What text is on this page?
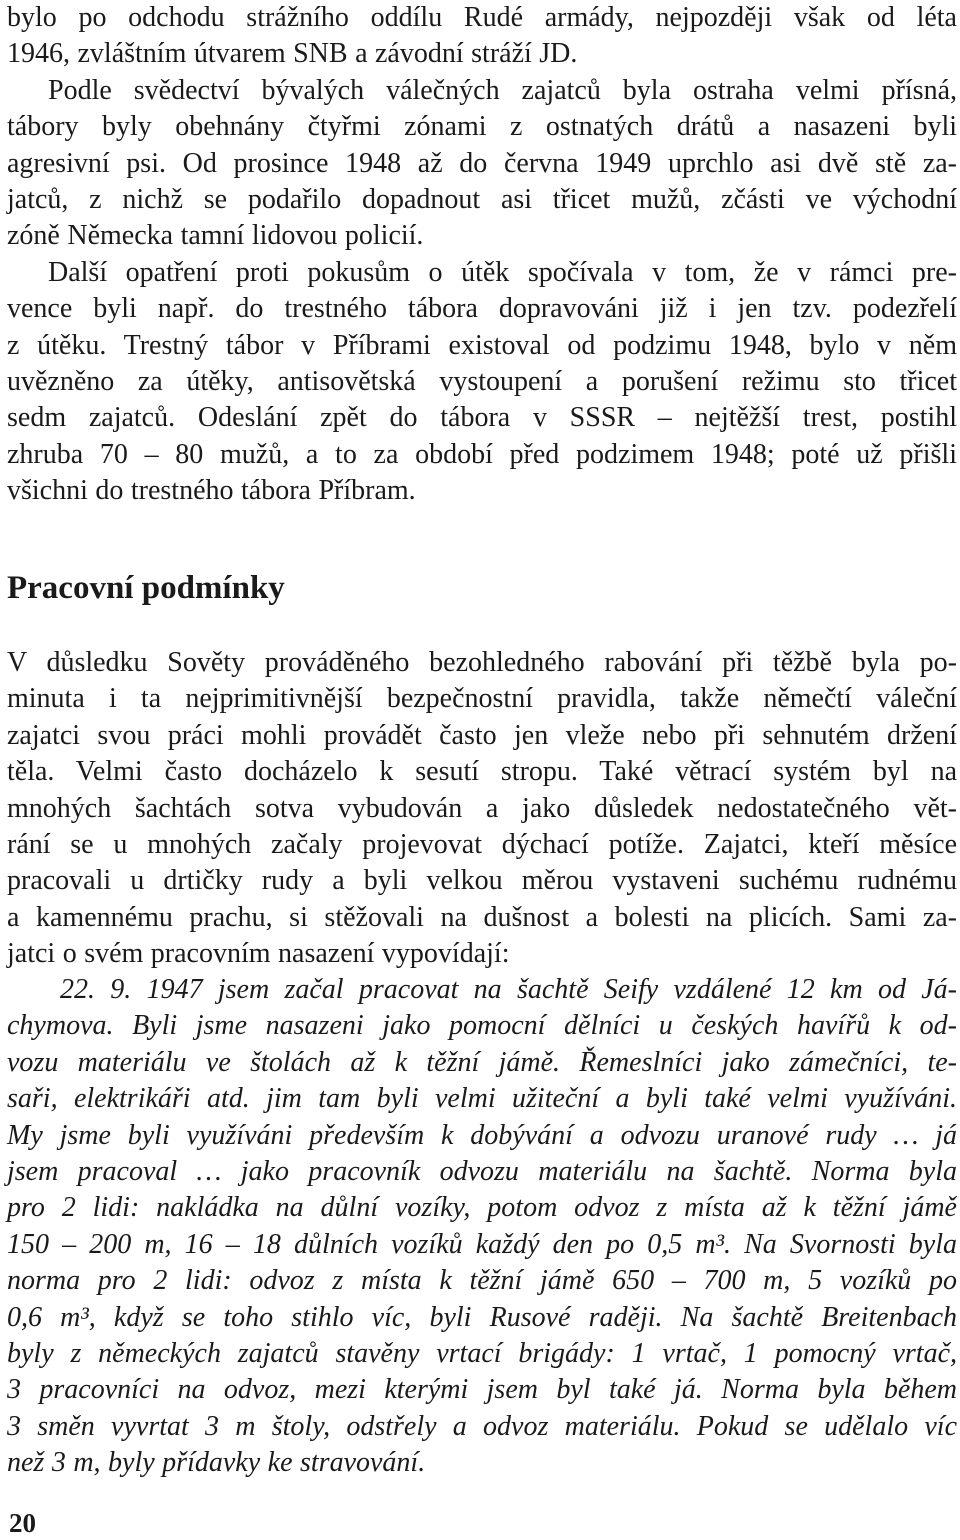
bylo po odchodu strážního oddílu Rudé armády, nejpozději však od léta
1946, zvláštním útvarem SNB a závodní stráží JD.
Podle svědectví bývalých válečných zajatců byla ostraha velmi přísná,
tábory byly obehnány čtyřmi zónami z ostnatých drátů a nasazeni byli
agresivní psi. Od prosince 1948 až do června 1949 uprchlo asi dvě stě za-
jatců, z nichž se podařilo dopadnout asi třicet mužů, zčásti ve východní
zóně Německa tamní lidovou policií.
Další opatření proti pokusům o útěk spočívala v tom, že v rámci pre-
vence byli např. do trestného tábora dopravováni již i jen tzv. podezřelí
z útěku. Trestný tábor v Příbrami existoval od podzimu 1948, bylo v něm
uvězněno za útěky, antisovětská vystoupení a porušení režimu sto třicet
sedm zajatců. Odeslání zpět do tábora v SSSR – nejtěžší trest, postihl
zhruba 70 – 80 mužů, a to za období před podzimem 1948; poté už přišli
všichni do trestného tábora Příbram.
Pracovní podmínky
V důsledku Sověty prováděného bezohledného rabování při těžbě byla po-
minuta i ta nejprimitivnější bezpečnostní pravidla, takže němečtí váleční
zajatci svou práci mohli provádět často jen vleže nebo při sehnutém držení
těla. Velmi často docházelo k sesutí stropu. Také větrací systém byl na
mnohých šachtách sotva vybudován a jako důsledek nedostatečného vět-
rání se u mnohých začaly projevovat dýchací potíže. Zajatci, kteří měsíce
pracovali u drtičky rudy a byli velkou měrou vystaveni suchému rudnému
a kamennému prachu, si stěžovali na dušnost a bolesti na plicích. Sami za-
jatci o svém pracovním nasazení vypovídají:
22. 9. 1947 jsem začal pracovat na šachtě Seify vzdálené 12 km od Já-
chymova. Byli jsme nasazeni jako pomocní dělníci u českých havířů k od-
vozu materiálu ve štolách až k těžní jámě. Řemeslníci jako zámečníci, te-
saři, elektrikáři atd. jim tam byli velmi užiteční a byli také velmi využíváni.
My jsme byli využíváni především k dobývání a odvozu uranové rudy … já
jsem pracoval … jako pracovník odvozu materiálu na šachtě. Norma byla
pro 2 lidi: nakládka na důlní vozíky, potom odvoz z místa až k těžní jámě
150 – 200 m, 16 – 18 důlních vozíků každý den po 0,5 m³. Na Svornosti byla
norma pro 2 lidi: odvoz z místa k těžní jámě 650 – 700 m, 5 vozíků po
0,6 m³, když se toho stihlo víc, byli Rusové raději. Na šachtě Breitenbach
byly z německých zajatců stavěny vrtací brigády: 1 vrtač, 1 pomocný vrtač,
3 pracovníci na odvoz, mezi kterými jsem byl také já. Norma byla během
3 směn vyvrtat 3 m štoly, odstřely a odvoz materiálu. Pokud se udělalo víc
než 3 m, byly přídavky ke stravování.
20
